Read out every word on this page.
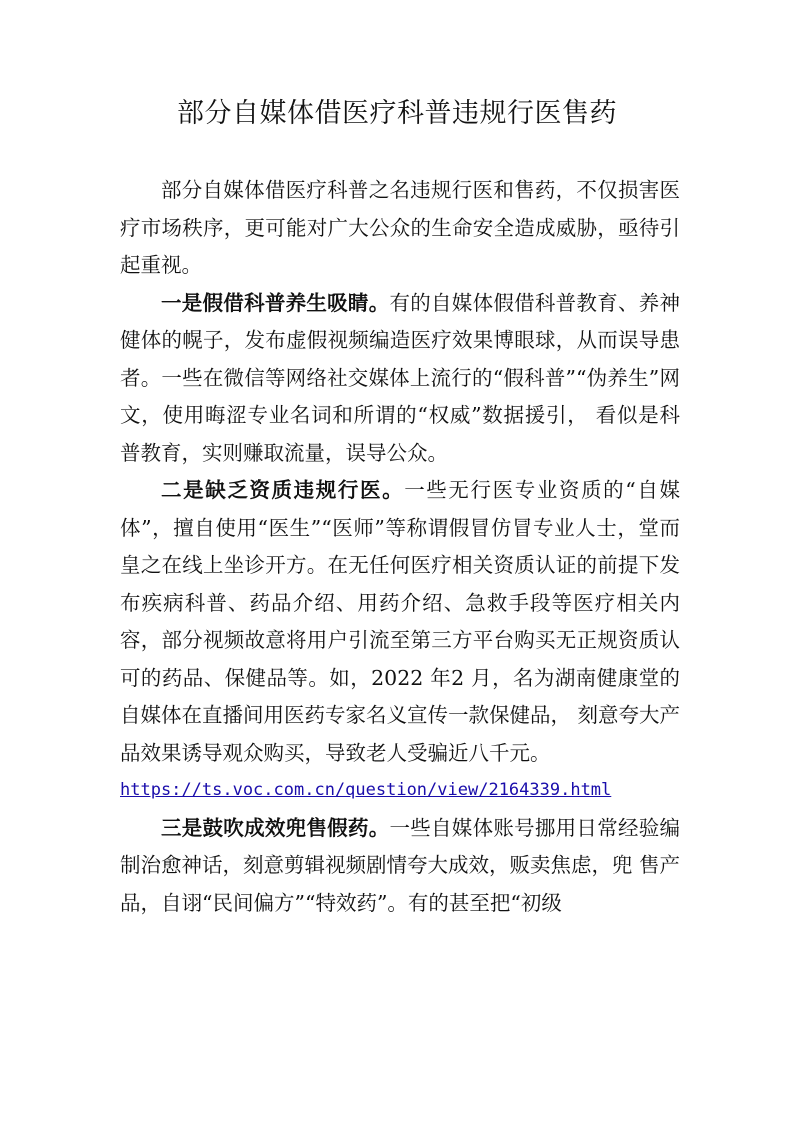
部分自媒体借医疗科普违规行医售药

部分自媒体借医疗科普之名违规行医和售药，不仅损害医疗市场秩序，更可能对广大公众的生命安全造成威胁，亟待引起重视。

一是假借科普养生吸睛。有的自媒体假借科普教育、养神健体的幌子，发布虚假视频编造医疗效果博眼球，从而误导患者。一些在微信等网络社交媒体上流行的“假科普”“伪养生”网文，使用晦涩专业名词和所谓的“权威”数据援引， 看似是科普教育，实则赚取流量，误导公众。

二是缺乏资质违规行医。一些无行医专业资质的“自媒体”，擅自使用“医生”“医师”等称谓假冒仿冒专业人士，堂而皇之在线上坐诊开方。在无任何医疗相关资质认证的前提下发布疾病科普、药品介绍、用药介绍、急救手段等医疗相关内容，部分视频故意将用户引流至第三方平台购买无正规资质认可的药品、保健品等。如，2022 年2 月，名为湖南健康堂的自媒体在直播间用医药专家名义宣传一款保健品， 刻意夸大产品效果诱导观众购买，导致老人受骗近八千元。

https://ts.voc.com.cn/question/view/2164339.html

三是鼓吹成效兜售假药。一些自媒体账号挪用日常经验编制治愈神话，刻意剪辑视频剧情夸大成效，贩卖焦虑，兜 售产品，自诩“民间偏方”“特效药”。有的甚至把“初级
